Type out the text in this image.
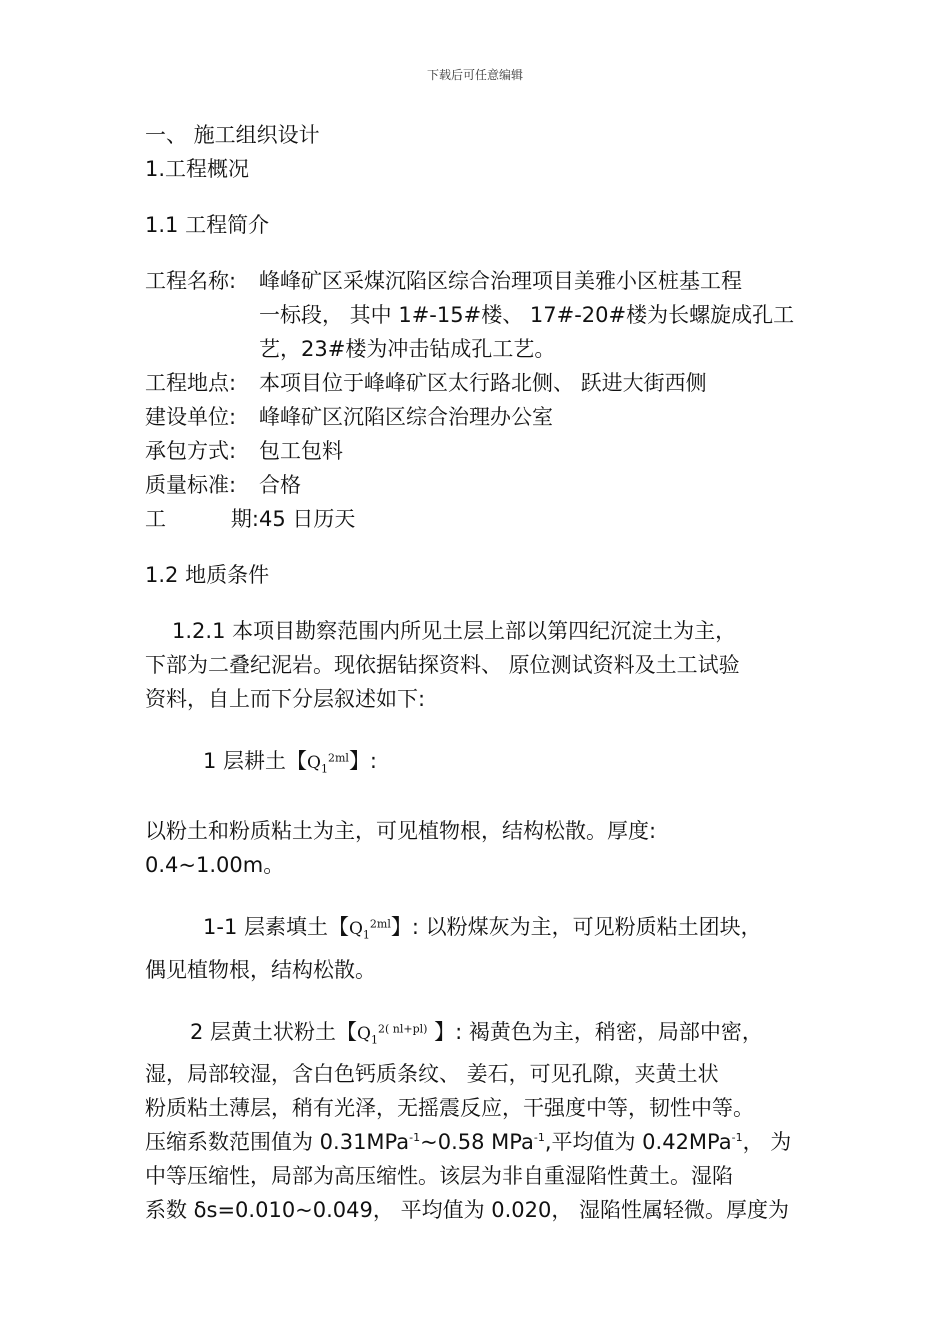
下载后可任意编辑
一、 施工组织设计
1.工程概况
1.1 工程简介
工程名称:	峰峰矿区采煤沉陷区综合治理项目美雅小区桩基工程
一标段， 其中 1#-15#楼、 17#-20#楼为长螺旋成孔工
艺，23#楼为冲击钻成孔工艺。
工程地点:	本项目位于峰峰矿区太行路北侧、 跃进大街西侧
建设单位:	峰峰矿区沉陷区综合治理办公室
承包方式:	包工包料
质量标准:	合格
工	期: 45 日历天
1.2 地质条件
1.2.1 本项目勘察范围内所见土层上部以第四纪沉淀土为主，
下部为二叠纪泥岩。现依据钻探资料、 原位测试资料及土工试验
资料，自上而下分层叙述如下:
1 层耕土【$Q_1^{2ml}$】:
以粉土和粉质粘土为主，可见植物根，结构松散。厚度:
0.4~1.00m。
1-1 层素填土【$Q_1^{2ml}$】: 以粉煤灰为主，可见粉质粘土团块，
偶见植物根，结构松散。
2 层黄土状粉土【$Q_1^{2( nl+pl)}$ 】: 褐黄色为主，稍密，局部中密，
湿，局部较湿，含白色钙质条纹、 姜石，可见孔隙，夹黄土状
粉质粘土薄层，稍有光泽，无摇震反应，干强度中等，韧性中等。
压缩系数范围值为 0.31MPa$^{-1}$~0.58 MPa$^{-1}$,平均值为 0.42MPa$^{-1}$， 为
中等压缩性，局部为高压缩性。该层为非自重湿陷性黄土。湿陷
系数 δs=0.010~0.049， 平均值为 0.020， 湿陷性属轻微。厚度为
